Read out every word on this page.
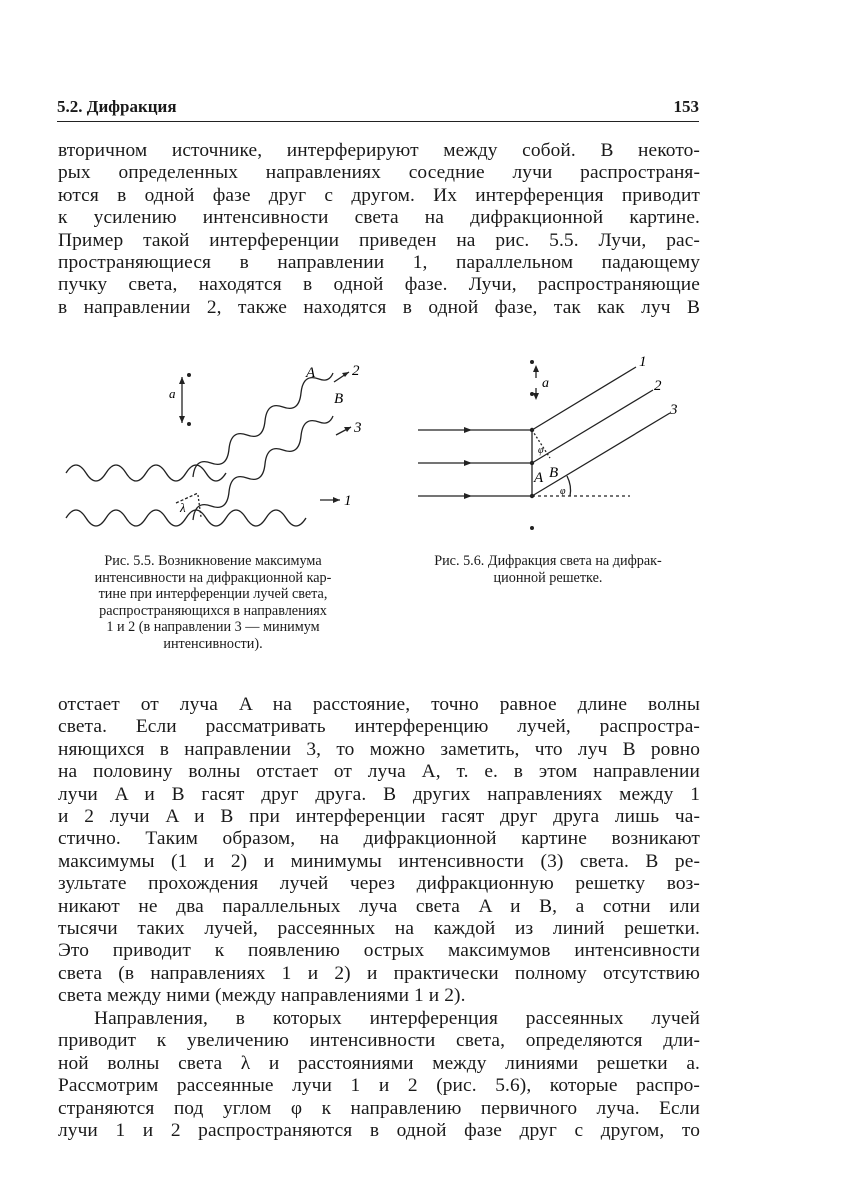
5.2. Дифракция	153

вторичном источнике, интерферируют между собой. В некото-
рых определенных направлениях соседние лучи распространя-
ются в одной фазе друг с другом. Их интерференция приводит
к усилению интенсивности света на дифракционной картине.
Пример такой интерференции приведен на рис. 5.5. Лучи, рас-
пространяющиеся в направлении 1, параллельном падающему
пучку света, находятся в одной фазе. Лучи, распространяющие
в направлении 2, также находятся в одной фазе, так как луч B

A 2
B
3
1
a
λ
Рис. 5.5. Возникновение максимума
интенсивности на дифракционной кар-
тине при интерференции лучей света,
распространяющихся в направлениях
1 и 2 (в направлении 3 — минимум
интенсивности).
1
2
3
A B
a
φ
φ
Рис. 5.6. Дифракция света на дифрак-
ционной решетке.

отстает от луча A на расстояние, точно равное длине волны
света. Если рассматривать интерференцию лучей, распростра-
няющихся в направлении 3, то можно заметить, что луч B ровно
на половину волны отстает от луча A, т. е. в этом направлении
лучи A и B гасят друг друга. В других направлениях между 1
и 2 лучи A и B при интерференции гасят друг друга лишь ча-
стично. Таким образом, на дифракционной картине возникают
максимумы (1 и 2) и минимумы интенсивности (3) света. В ре-
зультате прохождения лучей через дифракционную решетку воз-
никают не два параллельных луча света A и B, а сотни или
тысячи таких лучей, рассеянных на каждой из линий решетки.
Это приводит к появлению острых максимумов интенсивности
света (в направлениях 1 и 2) и практически полному отсутствию
света между ними (между направлениями 1 и 2).

Направления, в которых интерференция рассеянных лучей
приводит к увеличению интенсивности света, определяются дли-
ной волны света λ и расстояниями между линиями решетки a.
Рассмотрим рассеянные лучи 1 и 2 (рис. 5.6), которые распро-
страняются под углом φ к направлению первичного луча. Если
лучи 1 и 2 распространяются в одной фазе друг с другом, то
